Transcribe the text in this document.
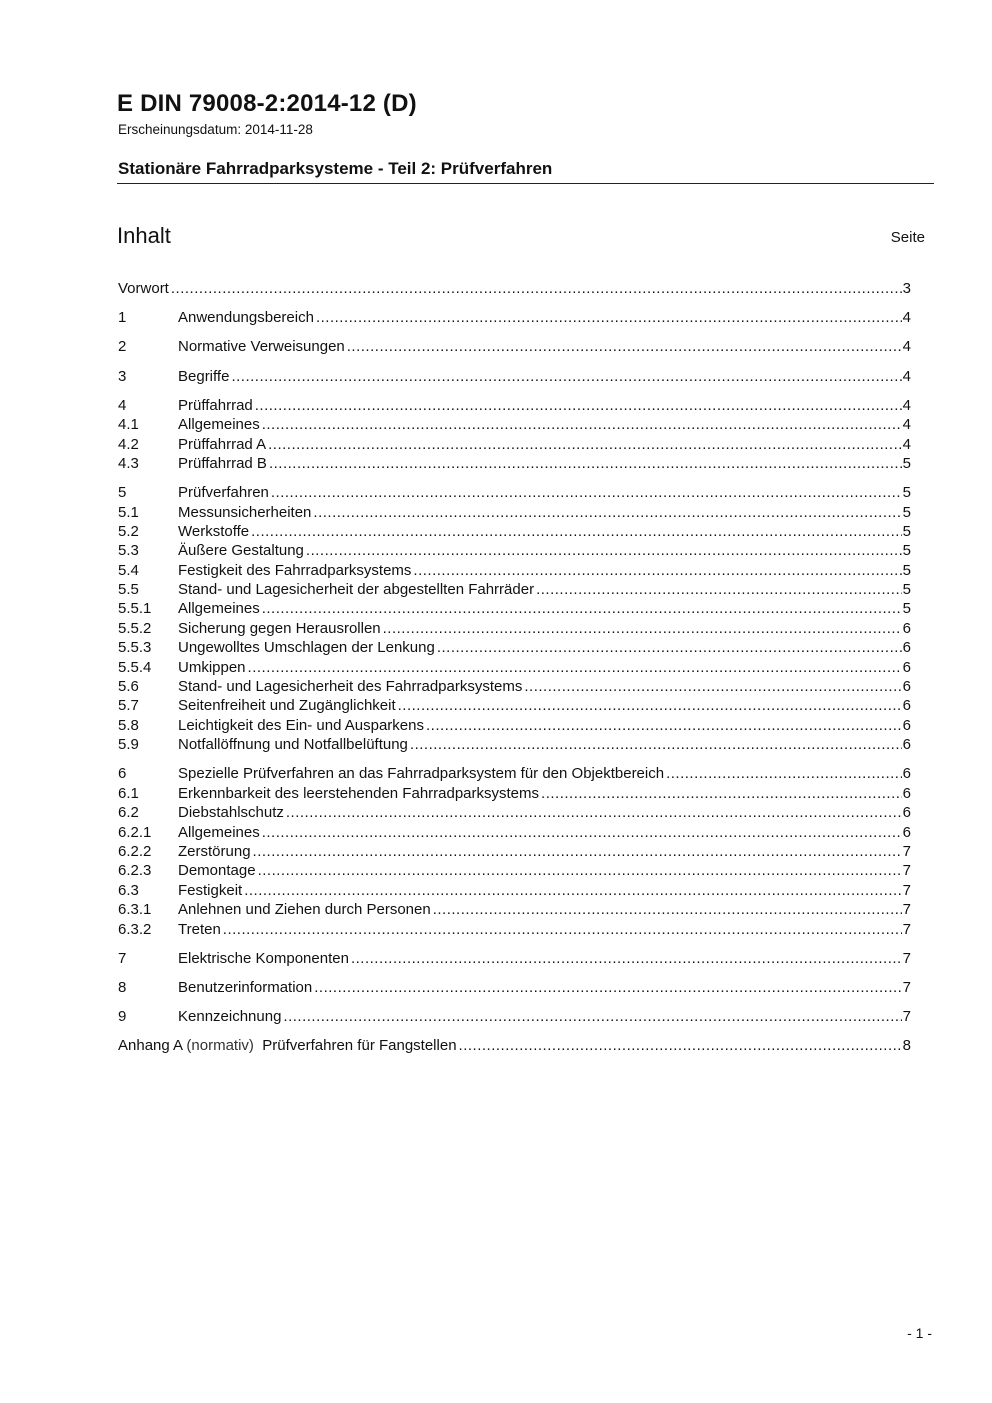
E DIN 79008-2:2014-12 (D)
Erscheinungsdatum: 2014-11-28
Stationäre Fahrradparksysteme - Teil 2: Prüfverfahren
Inhalt	Seite
Vorwort .....	3
1	Anwendungsbereich .....	4
2	Normative Verweisungen .....	4
3	Begriffe .....	4
4	Prüffahrrad .....	4
4.1	Allgemeines .....	4
4.2	Prüffahrrad A .....	4
4.3	Prüffahrrad B .....	5
5	Prüfverfahren .....	5
5.1	Messunsicherheiten .....	5
5.2	Werkstoffe .....	5
5.3	Äußere Gestaltung .....	5
5.4	Festigkeit des Fahrradparksystems .....	5
5.5	Stand- und Lagesicherheit der abgestellten Fahrräder .....	5
5.5.1	Allgemeines .....	5
5.5.2	Sicherung gegen Herausrollen .....	6
5.5.3	Ungewolltes Umschlagen der Lenkung .....	6
5.5.4	Umkippen .....	6
5.6	Stand- und Lagesicherheit des Fahrradparksystems .....	6
5.7	Seitenfreiheit und Zugänglichkeit .....	6
5.8	Leichtigkeit des Ein- und Ausparkens .....	6
5.9	Notfallöffnung und Notfallbelüftung .....	6
6	Spezielle Prüfverfahren an das Fahrradparksystem für den Objektbereich .....	6
6.1	Erkennbarkeit des leerstehenden Fahrradparksystems .....	6
6.2	Diebstahlschutz .....	6
6.2.1	Allgemeines .....	6
6.2.2	Zerstörung .....	7
6.2.3	Demontage .....	7
6.3	Festigkeit .....	7
6.3.1	Anlehnen und Ziehen durch Personen .....	7
6.3.2	Treten .....	7
7	Elektrische Komponenten .....	7
8	Benutzerinformation .....	7
9	Kennzeichnung .....	7
Anhang A (normativ) Prüfverfahren für Fangstellen .....	8
- 1 -
